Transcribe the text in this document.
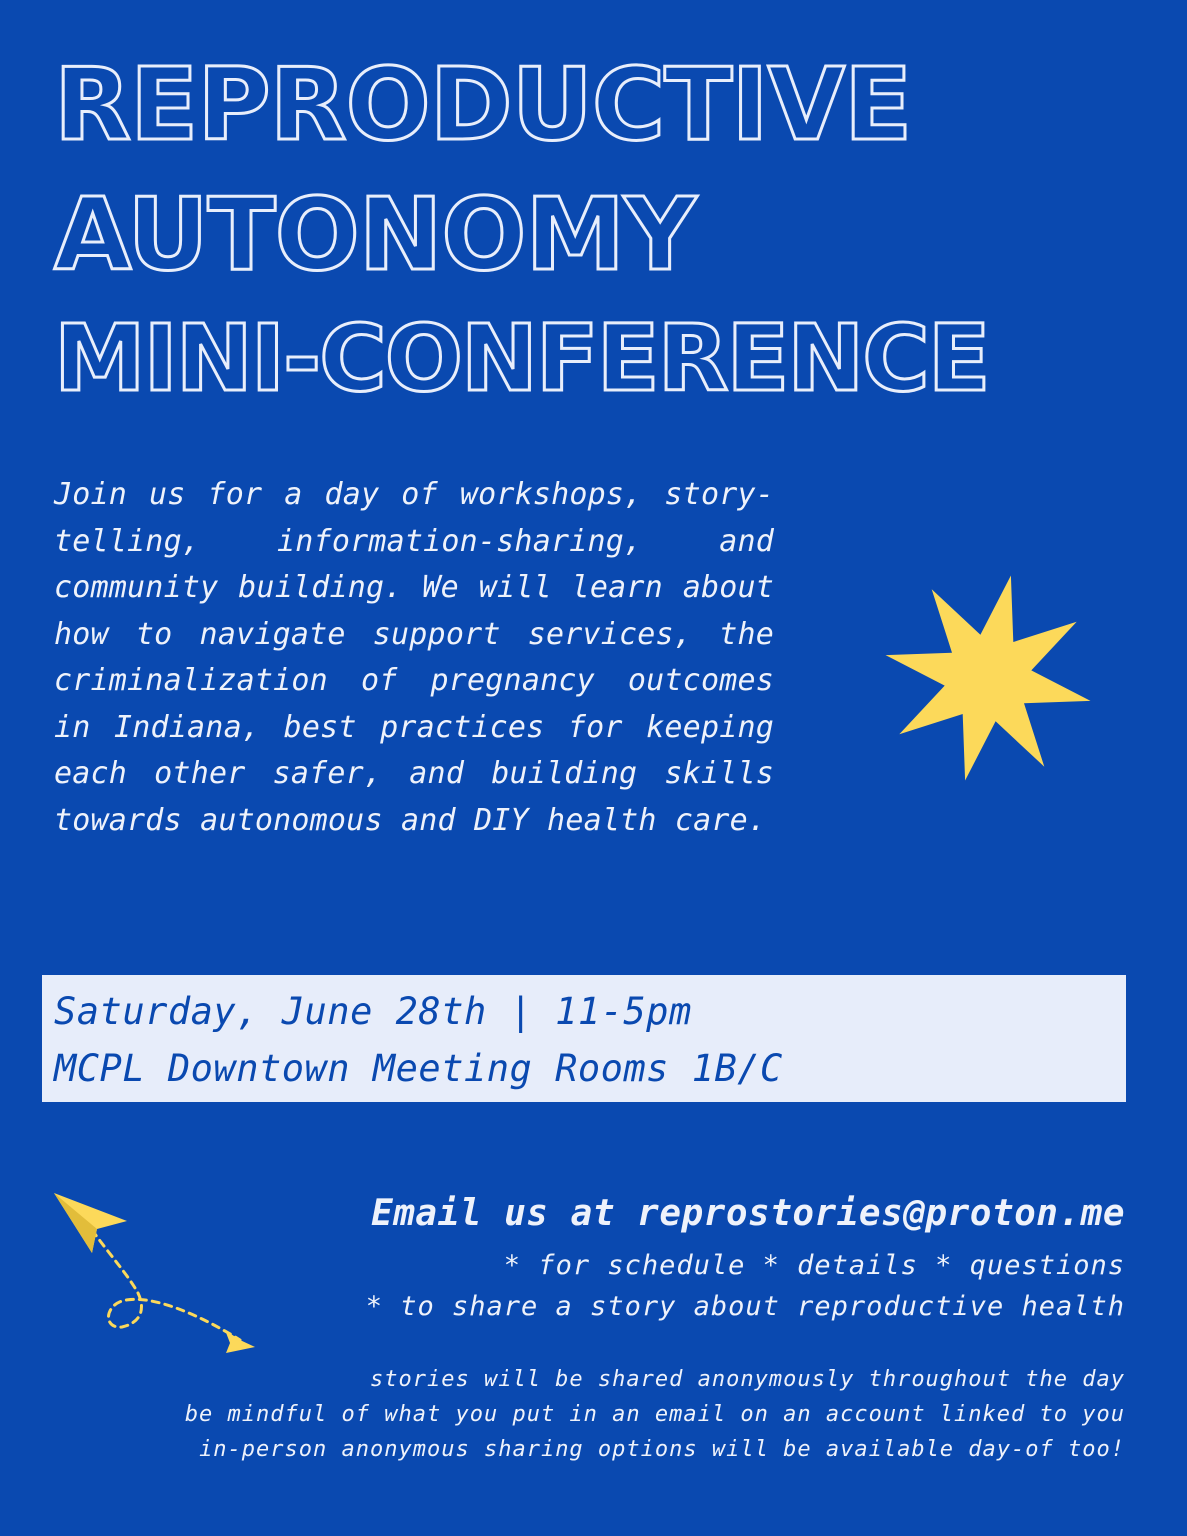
REPRODUCTIVE
AUTONOMY
MINI-CONFERENCE

Join us for a day of workshops, story-telling, information-sharing, and community building. We will learn about how to navigate support services, the criminalization of pregnancy outcomes in Indiana, best practices for keeping each other safer, and building skills towards autonomous and DIY health care.

Saturday, June 28th | 11-5pm
MCPL Downtown Meeting Rooms 1B/C

Email us at reprostories@proton.me

* for schedule * details * questions

* to share a story about reproductive health

stories will be shared anonymously throughout the day

be mindful of what you put in an email on an account linked to you

in-person anonymous sharing options will be available day-of too!
